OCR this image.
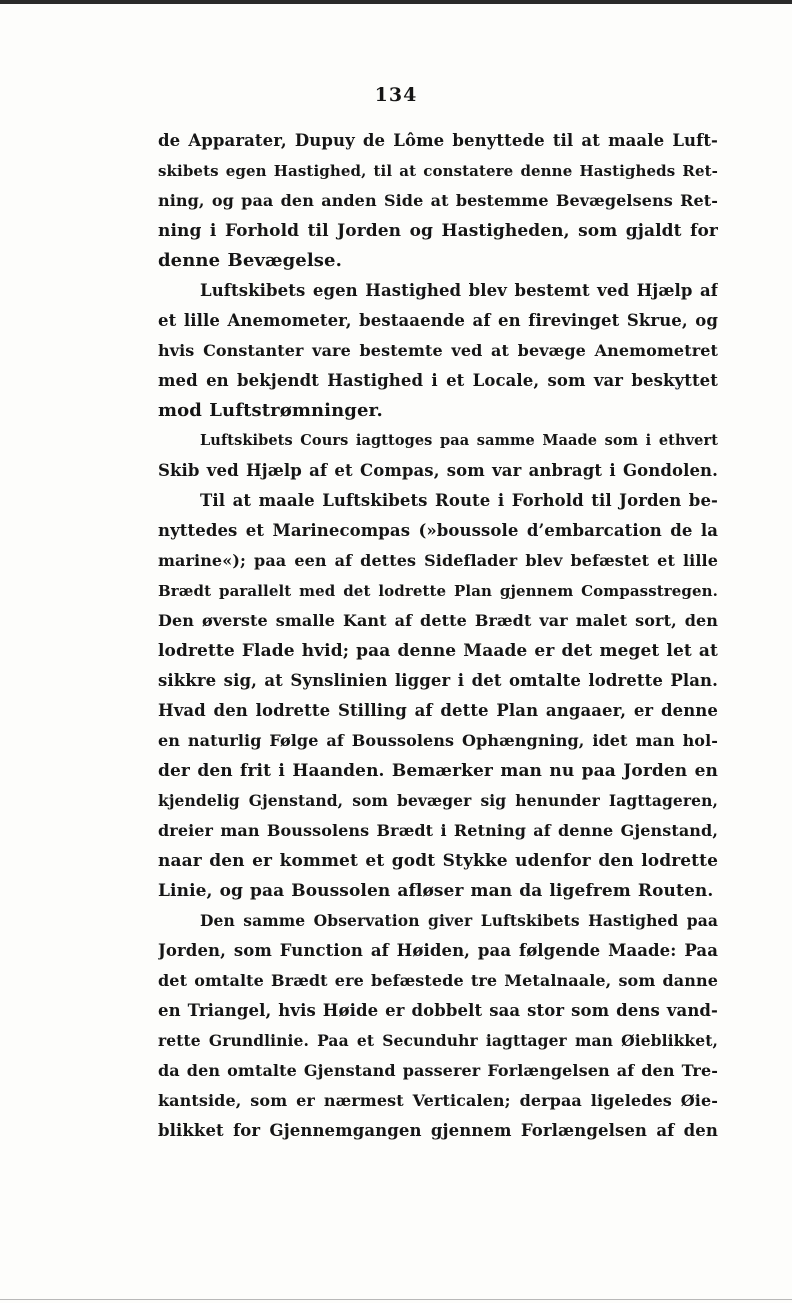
134
de Apparater, Dupuy de Lôme benyttede til at maale Luft-
skibets egen Hastighed, til at constatere denne Hastigheds Ret-
ning, og paa den anden Side at bestemme Bevægelsens Ret-
ning i Forhold til Jorden og Hastigheden, som gjaldt for
denne Bevægelse.
Luftskibets egen Hastighed blev bestemt ved Hjælp af
et lille Anemometer, bestaaende af en firevinget Skrue, og
hvis Constanter vare bestemte ved at bevæge Anemometret
med en bekjendt Hastighed i et Locale, som var beskyttet
mod Luftstrømninger.
Luftskibets Cours iagttoges paa samme Maade som i ethvert
Skib ved Hjælp af et Compas, som var anbragt i Gondolen.
Til at maale Luftskibets Route i Forhold til Jorden be-
nyttedes et Marinecompas (»boussole d’embarcation de la
marine«); paa een af dettes Sideflader blev befæstet et lille
Brædt parallelt med det lodrette Plan gjennem Compasstregen.
Den øverste smalle Kant af dette Brædt var malet sort, den
lodrette Flade hvid; paa denne Maade er det meget let at
sikkre sig, at Synslinien ligger i det omtalte lodrette Plan.
Hvad den lodrette Stilling af dette Plan angaaer, er denne
en naturlig Følge af Boussolens Ophængning, idet man hol-
der den frit i Haanden. Bemærker man nu paa Jorden en
kjendelig Gjenstand, som bevæger sig henunder Iagttageren,
dreier man Boussolens Brædt i Retning af denne Gjenstand,
naar den er kommet et godt Stykke udenfor den lodrette
Linie, og paa Boussolen afløser man da ligefrem Routen.
Den samme Observation giver Luftskibets Hastighed paa
Jorden, som Function af Høiden, paa følgende Maade: Paa
det omtalte Brædt ere befæstede tre Metalnaale, som danne
en Triangel, hvis Høide er dobbelt saa stor som dens vand-
rette Grundlinie. Paa et Secunduhr iagttager man Øieblikket,
da den omtalte Gjenstand passerer Forlængelsen af den Tre-
kantside, som er nærmest Verticalen; derpaa ligeledes Øie-
blikket for Gjennemgangen gjennem Forlængelsen af den
